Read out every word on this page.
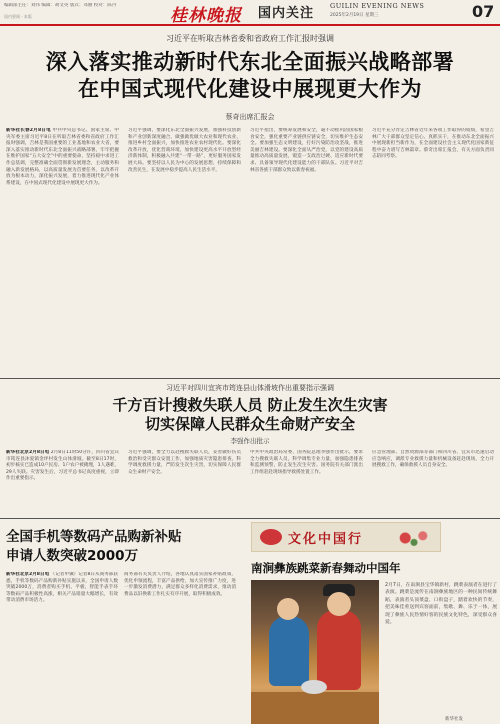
编辑部主任：刘伟 编辑：胡文英 版式：邓丽 校对：陈丹
国内要闻 · 本版	桂林晚报 国内关注 GUILIN EVENING NEWS
2025年2月19日 星期三	07
习近平在听取吉林省委和省政府工作汇报时强调
深入落实推动新时代东北全面振兴战略部署
在中国式现代化建设中展现更大作为
蔡奇出席汇报会
新华社长春2月8日电 中共中央总书记、国家主席、中央军委主席习近平8日在听取吉林省委和省政府工作汇报时强调，吉林是我国重要的工业基地和农业大省，要深入落实推动新时代东北全面振兴战略部署，牢牢把握在维护国家“五大安全”中的重要使命，坚持稳中求进工作总基调，完整准确全面贯彻新发展理念，主动服务和融入新发展格局，以高质量发展为首要任务，以改革开放为根本动力，深化振兴发展，着力推进现代化产业体系建设，在中国式现代化建设中展现更大作为。
习近平强调，要深化东北全面振兴发展，加强科技创新和产业创新深度融合，做强做优做大农业和现代农业，推进乡村全面振兴，加快推进农业农村现代化。要深化改革开放，优化营商环境，加快建设更高水平开放型经济新体制，积极融入共建“一带一路”，更好服务国家发展大局。要坚持以人民为中心的发展思想，持续保障和改善民生，在发展中稳步提高人民生活水平。
习近平指出，要统筹发展和安全，毫不动摇巩固国家粮食安全，强化重要产业链供应链安全，切实维护生态安全。要加强生态文明建设，打好污染防治攻坚战，推进美丽吉林建设。要深化全面从严治党，以党的建设高质量推动高质量发展，锻造一支政治过硬、适应新时代要求、具备领导现代化建设能力的干部队伍。习近平对吉林省各族干部群众致以新春祝福。
习近平充分肯定吉林省近年来各项工作取得的成绩，希望吉林广大干部群众坚定信心、真抓实干，在推动东北全面振兴中展现新担当新作为，在全面建设社会主义现代化国家新征程中奋力谱写吉林篇章。蔡奇出席汇报会，有关方面负责同志陪同考察。
习近平对四川宜宾市筠连县山体滑坡作出重要指示强调
千方百计搜救失联人员 防止发生次生灾害
切实保障人民群众生命财产安全
李强作出批示
新华社北京2月8日电 2月8日11时50分许，四川省宜宾市筠连县沐爱镇金坪村发生山体滑坡。截至8日17时，初步核实已造成10户民房、1户农户被掩埋，1人遇难，29人失联。灾害发生后，习近平总书记高度重视，立即作出重要指示。
习近平强调，要全力以赴搜救失联人员，妥善做好伤员救治和受灾群众安置工作，加强地质灾害隐患排查，科学调度救援力量，严防发生次生灾害，切实保障人民群众生命财产安全。
中共中央政治局常委、国务院总理李强作出批示，要求全力搜救失联人员，科学调集专业力量，加强隐患排查和监测预警，防止发生次生灾害。国务院有关部门派出工作组赶赴现场指导救援处置工作。
应急管理部、自然资源部等部门和四川省、宜宾市迅速启动应急响应，调派专业救援力量和机械设备赶赴现场，全力开展搜救工作，确保救援人员自身安全。
全国手机等数码产品购新补贴
申请人数突破2000万
新华社北京2月8日电 （记者申铖）记者8日从商务部获悉，手机等数码产品购新补贴实施以来，全国申请人数突破2000万，消费者购买手机、平板、智能手表手环等数码产品积极性高涨，相关产品销量大幅增长，有效带动消费市场活力。
商务部有关负责人介绍，各地认真落实国家补贴政策，优化申领流程，丰富产品供给，加大宣传推广力度，进一步激发消费潜力，满足群众多样化消费需求，推动消费品以旧换新工作扎实有序开展，取得积极成效。
文化中国行
南涧彝族跳菜新春舞动中国年
2月7日，在南涧县宝华镇新村，跳菜表演者在进行了表演。跳菜是流传在南涧彝族地区的一种民间传统舞蹈，表演者头顶菜盘、口衔盘子，踏着欢快的节奏，把美味佳肴送到宾客面前，集歌、舞、乐于一体，展现了彝族人民热情好客的民族文化特色，深受群众喜爱。
新华社发
